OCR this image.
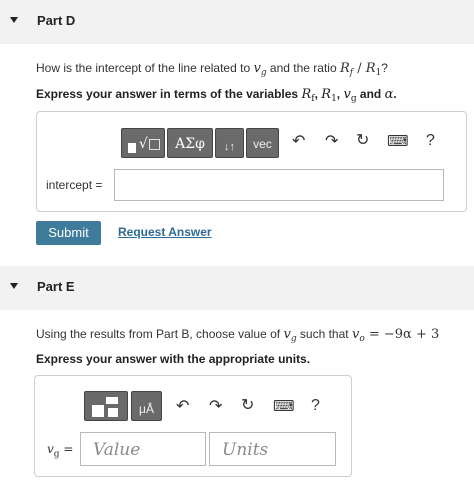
Part D
How is the intercept of the line related to $v_g$ and the ratio $R_f / R_1$?
Express your answer in terms of the variables $R_f$, $R_1$, $v_g$ and α.
√□	ΑΣφ	↓↑	vec	↶ ↷ ↻ ⌨ ?
intercept =
Submit	Request Answer
Part E
Using the results from Part B, choose value of $v_g$ such that $v_o = -9\alpha + 3$
Express your answer with the appropriate units.
μÅ	↶ ↷ ↻ ⌨ ?
$v_g$ = Value	Units
